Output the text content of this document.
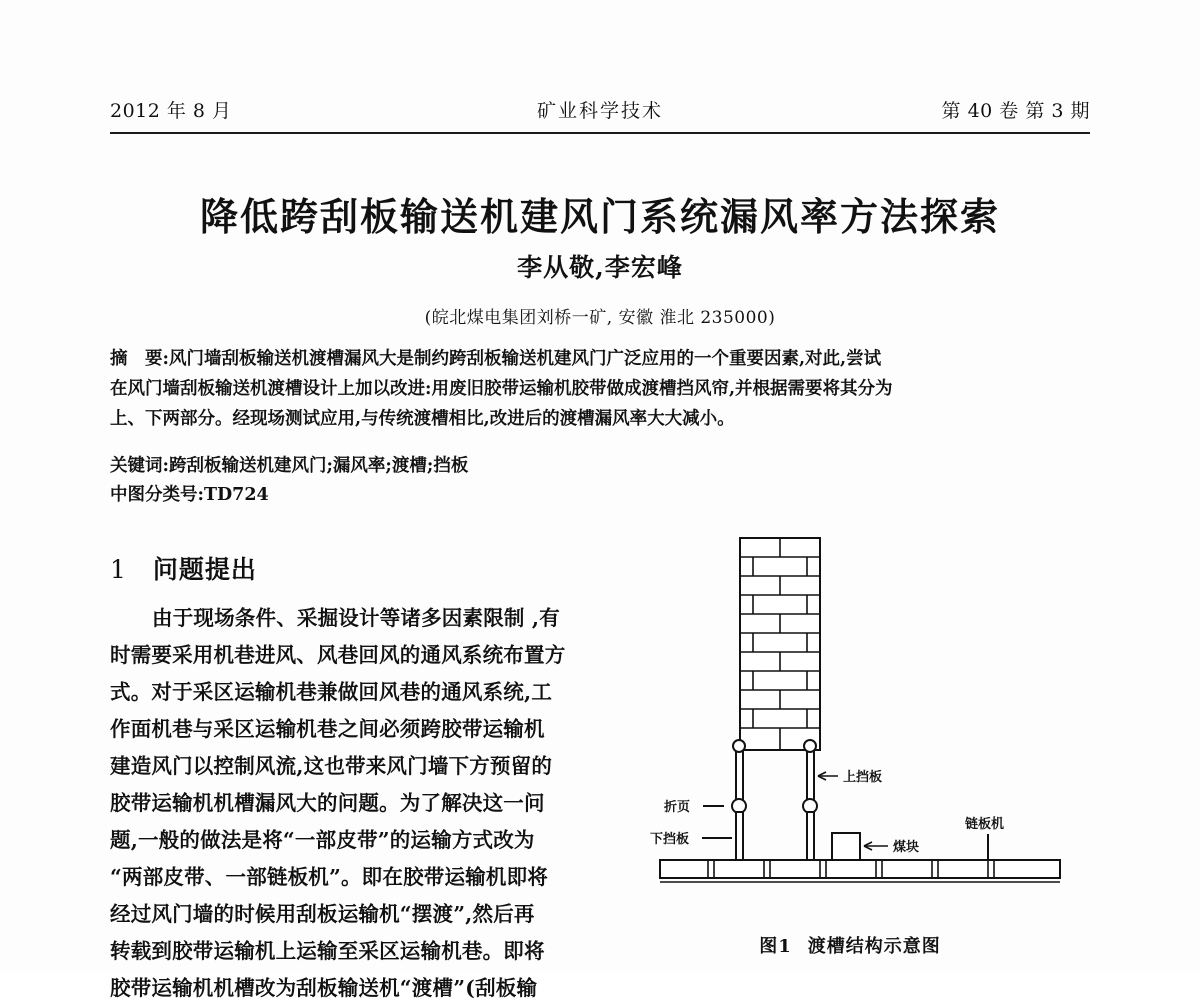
2012 年 8 月	矿业科学技术	第 40 卷 第 3 期
降低跨刮板输送机建风门系统漏风率方法探索
李从敬,李宏峰
(皖北煤电集团刘桥一矿, 安徽 淮北 235000)
摘　要:风门墙刮板输送机渡槽漏风大是制约跨刮板输送机建风门广泛应用的一个重要因素,对此,尝试
在风门墙刮板输送机渡槽设计上加以改进:用废旧胶带运输机胶带做成渡槽挡风帘,并根据需要将其分为
上、下两部分。经现场测试应用,与传统渡槽相比,改进后的渡槽漏风率大大减小。
关键词:跨刮板输送机建风门;漏风率;渡槽;挡板
中图分类号:TD724
1 问题提出
由于现场条件、采掘设计等诸多因素限制 ,有
时需要采用机巷进风、风巷回风的通风系统布置方
式。对于采区运输机巷兼做回风巷的通风系统,工
作面机巷与采区运输机巷之间必须跨胶带运输机
建造风门以控制风流,这也带来风门墙下方预留的
胶带运输机机槽漏风大的问题。为了解决这一问
题,一般的做法是将“一部皮带”的运输方式改为
“两部皮带、一部链板机”。即在胶带运输机即将
经过风门墙的时候用刮板运输机“摆渡”,然后再
转载到胶带运输机上运输至采区运输机巷。即将
胶带运输机机槽改为刮板输送机“渡槽”(刮板输
上挡板
折页
下挡板
煤块
链板机
图1 渡槽结构示意图
